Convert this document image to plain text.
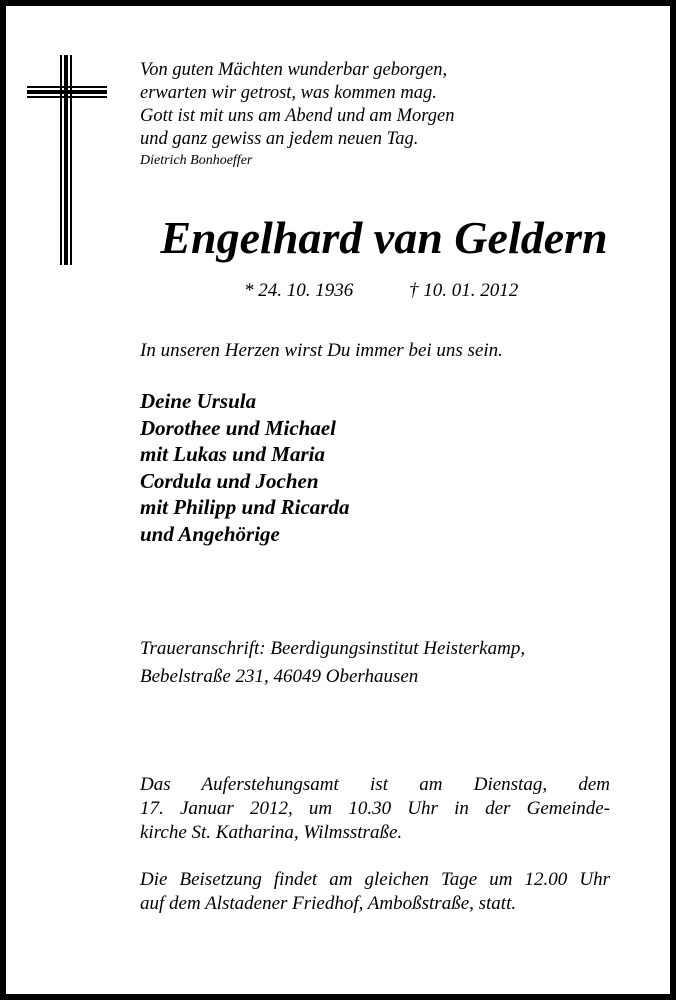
Von guten Mächten wunderbar geborgen,
erwarten wir getrost, was kommen mag.
Gott ist mit uns am Abend und am Morgen
und ganz gewiss an jedem neuen Tag.
Dietrich Bonhoeffer
Engelhard van Geldern
* 24. 10. 1936	† 10. 01. 2012
In unseren Herzen wirst Du immer bei uns sein.
Deine Ursula
Dorothee und Michael
mit Lukas und Maria
Cordula und Jochen
mit Philipp und Ricarda
und Angehörige
Traueranschrift: Beerdigungsinstitut Heisterkamp,
Bebelstraße 231, 46049 Oberhausen
Das Auferstehungsamt ist am Dienstag, dem
17. Januar 2012, um 10.30 Uhr in der Gemeinde-
kirche St. Katharina, Wilmsstraße.
Die Beisetzung findet am gleichen Tage um 12.00 Uhr
auf dem Alstadener Friedhof, Amboßstraße, statt.
